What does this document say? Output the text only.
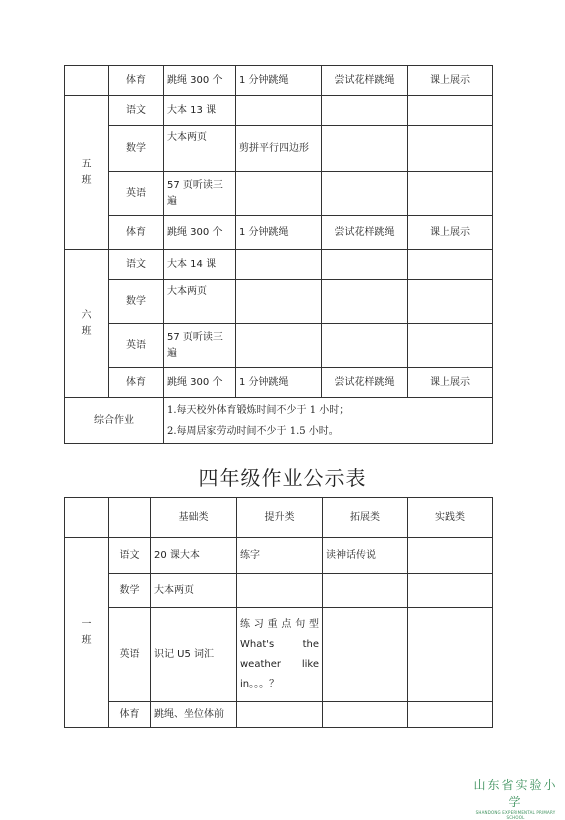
	体育	跳绳 300 个	1 分钟跳绳	尝试花样跳绳	课上展示

五
班	语文	大本 13 课			
	数学	大本两页	剪拼平行四边形		
	英语	57 页听读三遍			
	体育	跳绳 300 个	1 分钟跳绳	尝试花样跳绳	课上展示

六
班	语文	大本 14 课			
	数学	大本两页			
	英语	57 页听读三遍			
	体育	跳绳 300 个	1 分钟跳绳	尝试花样跳绳	课上展示
综合作业		1.每天校外体育锻炼时间不少于 1 小时；
2.每周居家劳动时间不少于 1.5 小时。			
四年级作业公示表
		基础类	提升类	拓展类	实践类

一
班	语文	20 课大本	练字	读神话传说	
	数学	大本两页			
	英语	识记 U5 词汇	练 习 重 点 句 型
What's the
weather like
in。。。？		

	体育	跳绳、坐位体前			
山东省实验小学
SHANDONG EXPERIMENTAL PRIMARY SCHOOL
